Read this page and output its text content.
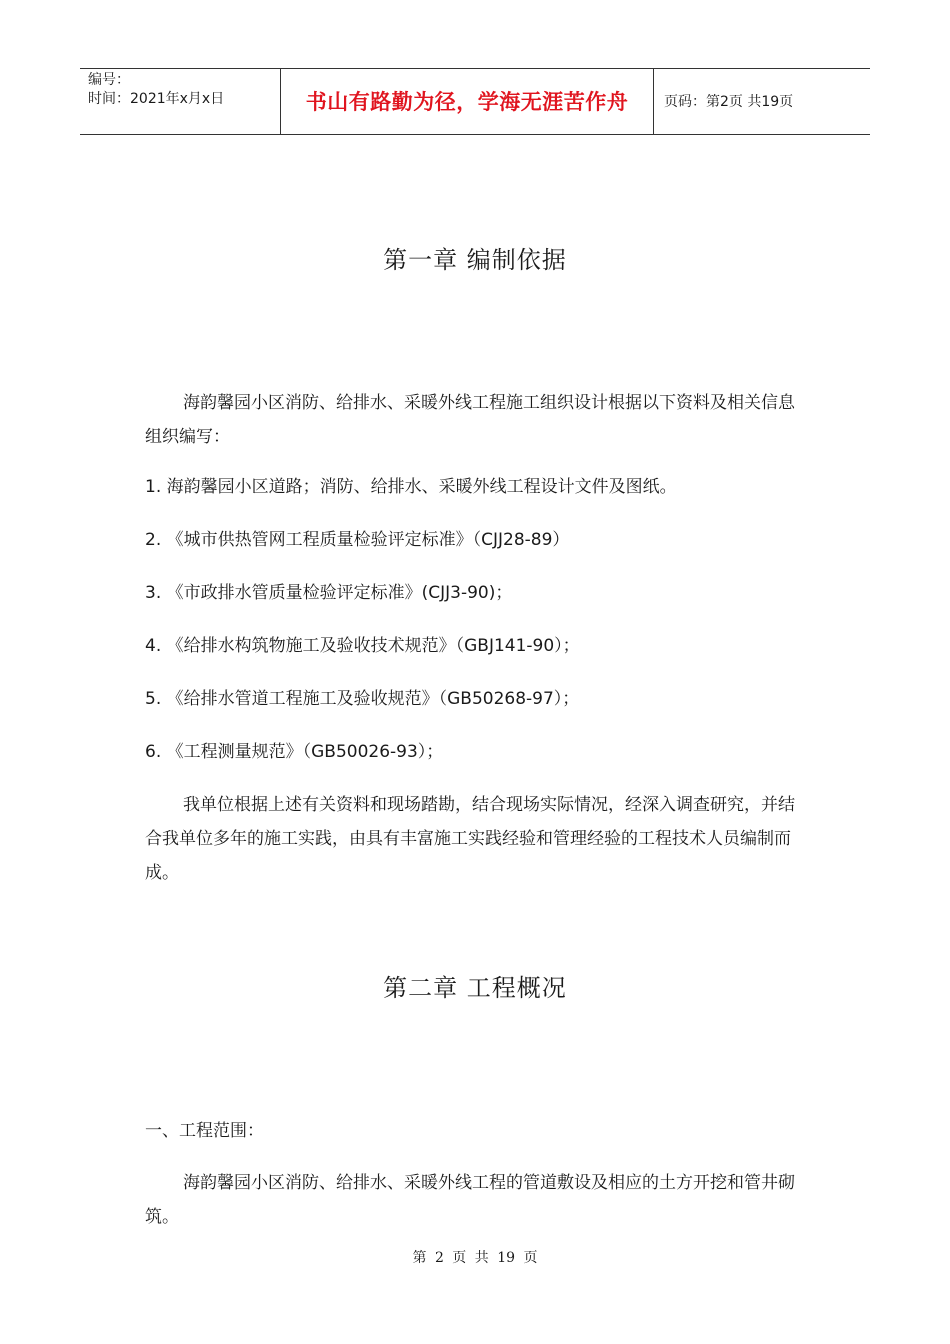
编号：
时间：2021年x月x日	书山有路勤为径，学海无涯苦作舟	页码：第2页 共19页
第一章 编制依据
海韵馨园小区消防、给排水、采暖外线工程施工组织设计根据以下资料及相关信息组织编写：
1. 海韵馨园小区道路；消防、给排水、采暖外线工程设计文件及图纸。
2. 《城市供热管网工程质量检验评定标准》（CJJ28-89）
3. 《市政排水管质量检验评定标准》(CJJ3-90)；
4. 《给排水构筑物施工及验收技术规范》（GBJ141-90）；
5. 《给排水管道工程施工及验收规范》（GB50268-97）；
6. 《工程测量规范》（GB50026-93）；
我单位根据上述有关资料和现场踏勘，结合现场实际情况，经深入调查研究，并结合我单位多年的施工实践，由具有丰富施工实践经验和管理经验的工程技术人员编制而成。
第二章 工程概况
一、工程范围：
海韵馨园小区消防、给排水、采暖外线工程的管道敷设及相应的土方开挖和管井砌筑。
第 2 页 共 19 页
